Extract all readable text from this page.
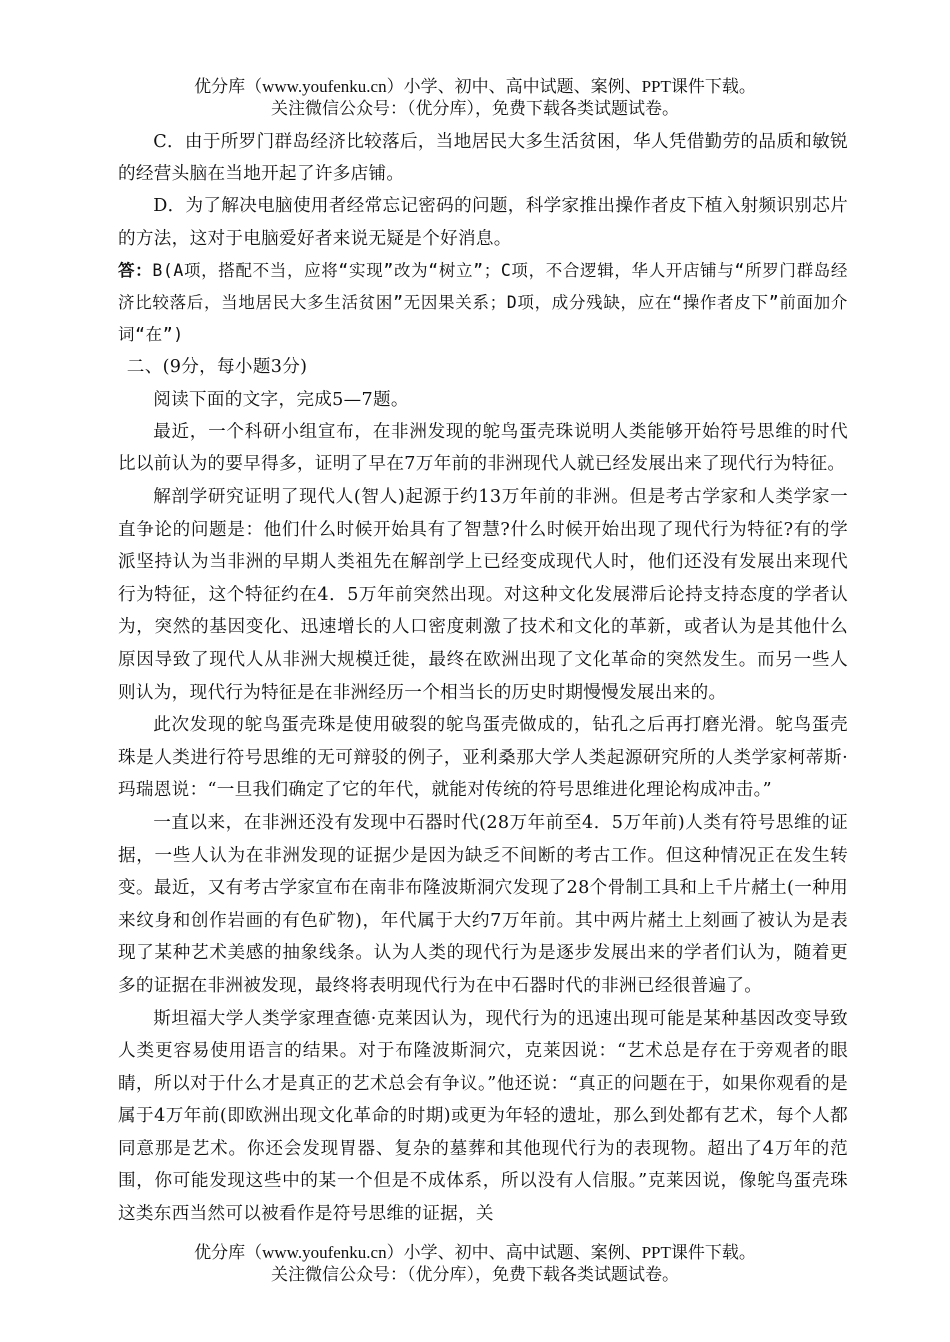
优分库（www.youfenku.cn）小学、初中、高中试题、案例、PPT课件下载。
关注微信公众号：（优分库），免费下载各类试题试卷。

C．由于所罗门群岛经济比较落后，当地居民大多生活贫困，华人凭借勤劳的品质和敏锐的经营头脑在当地开起了许多店铺。

D．为了解决电脑使用者经常忘记密码的问题，科学家推出操作者皮下植入射频识别芯片的方法，这对于电脑爱好者来说无疑是个好消息。

答：B(A项，搭配不当，应将“实现”改为“树立”；C项，不合逻辑，华人开店铺与“所罗门群岛经济比较落后，当地居民大多生活贫困”无因果关系；D项，成分残缺，应在“操作者皮下”前面加介词“在”)

二、(9分，每小题3分)

阅读下面的文字，完成5—7题。

最近，一个科研小组宣布，在非洲发现的鸵鸟蛋壳珠说明人类能够开始符号思维的时代比以前认为的要早得多，证明了早在7万年前的非洲现代人就已经发展出来了现代行为特征。

解剖学研究证明了现代人(智人)起源于约13万年前的非洲。但是考古学家和人类学家一直争论的问题是：他们什么时候开始具有了智慧?什么时候开始出现了现代行为特征?有的学派坚持认为当非洲的早期人类祖先在解剖学上已经变成现代人时，他们还没有发展出来现代行为特征，这个特征约在4．5万年前突然出现。对这种文化发展滞后论持支持态度的学者认为，突然的基因变化、迅速增长的人口密度刺激了技术和文化的革新，或者认为是其他什么原因导致了现代人从非洲大规模迁徙，最终在欧洲出现了文化革命的突然发生。而另一些人则认为，现代行为特征是在非洲经历一个相当长的历史时期慢慢发展出来的。

此次发现的鸵鸟蛋壳珠是使用破裂的鸵鸟蛋壳做成的，钻孔之后再打磨光滑。鸵鸟蛋壳珠是人类进行符号思维的无可辩驳的例子，亚利桑那大学人类起源研究所的人类学家柯蒂斯·玛瑞恩说：“一旦我们确定了它的年代，就能对传统的符号思维进化理论构成冲击。”

一直以来，在非洲还没有发现中石器时代(28万年前至4．5万年前)人类有符号思维的证据，一些人认为在非洲发现的证据少是因为缺乏不间断的考古工作。但这种情况正在发生转变。最近，又有考古学家宣布在南非布隆波斯洞穴发现了28个骨制工具和上千片赭土(一种用来纹身和创作岩画的有色矿物)，年代属于大约7万年前。其中两片赭土上刻画了被认为是表现了某种艺术美感的抽象线条。认为人类的现代行为是逐步发展出来的学者们认为，随着更多的证据在非洲被发现，最终将表明现代行为在中石器时代的非洲已经很普遍了。

斯坦福大学人类学家理查德·克莱因认为，现代行为的迅速出现可能是某种基因改变导致人类更容易使用语言的结果。对于布隆波斯洞穴，克莱因说：“艺术总是存在于旁观者的眼睛，所以对于什么才是真正的艺术总会有争议。”他还说：“真正的问题在于，如果你观看的是属于4万年前(即欧洲出现文化革命的时期)或更为年轻的遗址，那么到处都有艺术，每个人都同意那是艺术。你还会发现胃器、复杂的墓葬和其他现代行为的表现物。超出了4万年的范围，你可能发现这些中的某一个但是不成体系，所以没有人信服。”克莱因说，像鸵鸟蛋壳珠这类东西当然可以被看作是符号思维的证据，关

优分库（www.youfenku.cn）小学、初中、高中试题、案例、PPT课件下载。
关注微信公众号：（优分库），免费下载各类试题试卷。
